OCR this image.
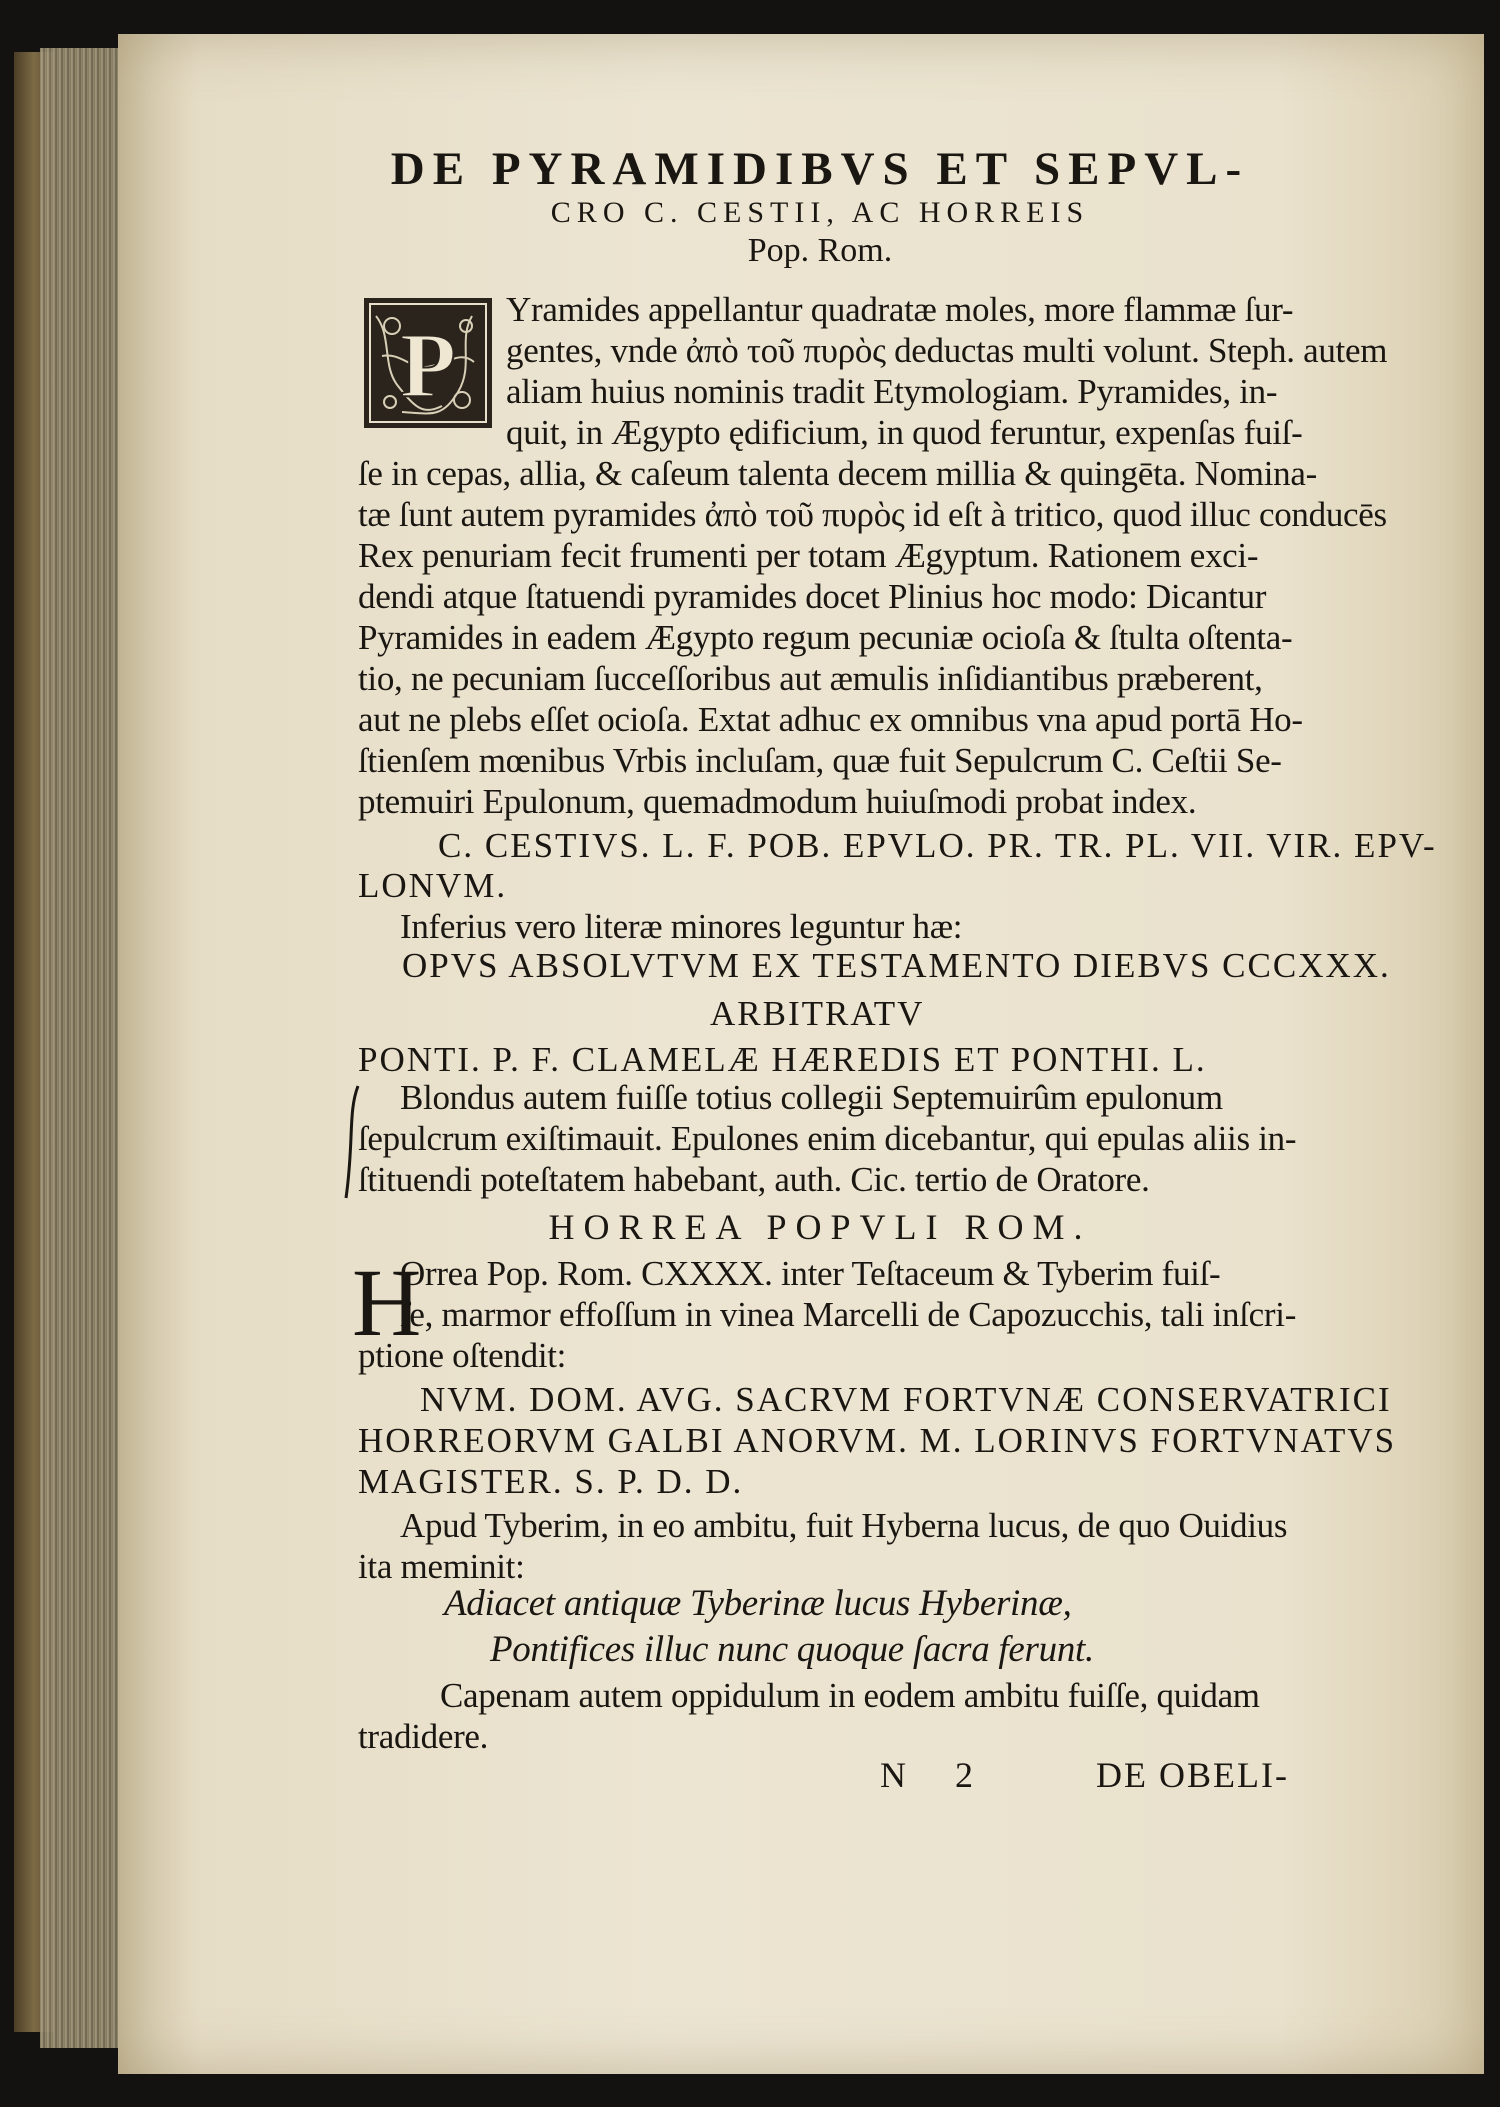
DE PYRAMIDIBVS ET SEPVL-
CRO C. CESTII, AC HORREIS
Pop. Rom.
P
Yramides appellantur quadratæ moles, more flammæ ſur-
gentes, vnde ἀπὸ τοῦ πυρὸς deductas multi volunt. Steph. autem
aliam huius nominis tradit Etymologiam. Pyramides, in-
quit, in Ægypto ędificium, in quod feruntur, expenſas fuiſ-
ſe in cepas, allia, & caſeum talenta decem millia & quingēta. Nomina-
tæ ſunt autem pyramides ἀπὸ τοῦ πυρὸς id eſt à tritico, quod illuc conducēs
Rex penuriam fecit frumenti per totam Ægyptum. Rationem exci-
dendi atque ſtatuendi pyramides docet Plinius hoc modo: Dicantur
Pyramides in eadem Ægypto regum pecuniæ ocioſa & ſtulta oſtenta-
tio, ne pecuniam ſucceſſoribus aut æmulis inſidiantibus præberent,
aut ne plebs eſſet ocioſa. Extat adhuc ex omnibus vna apud portā Ho-
ſtienſem mœnibus Vrbis incluſam, quæ fuit Sepulcrum C. Ceſtii Se-
ptemuiri Epulonum, quemadmodum huiuſmodi probat index.
C. CESTIVS. L. F. POB. EPVLO. PR. TR. PL. VII. VIR. EPV-
LONVM.
Inferius vero literæ minores leguntur hæ:
OPVS ABSOLVTVM EX TESTAMENTO DIEBVS CCCXXX.
ARBITRATV
PONTI. P. F. CLAMELÆ HÆREDIS ET PONTHI. L.
Blondus autem fuiſſe totius collegii Septemuirûm epulonum
ſepulcrum exiſtimauit. Epulones enim dicebantur, qui epulas aliis in-
ſtituendi poteſtatem habebant, auth. Cic. tertio de Oratore.
HORREA POPVLI ROM.
H
Orrea Pop. Rom. CXXXX. inter Teſtaceum & Tyberim fuiſ-
ſe, marmor effoſſum in vinea Marcelli de Capozucchis, tali inſcri-
ptione oſtendit:
NVM. DOM. AVG. SACRVM FORTVNÆ CONSERVATRICI
HORREORVM GALBI ANORVM. M. LORINVS FORTVNATVS
MAGISTER. S. P. D. D.
Apud Tyberim, in eo ambitu, fuit Hyberna lucus, de quo Ouidius
ita meminit:
Adiacet antiquæ Tyberinæ lucus Hyberinæ,
Pontifices illuc nunc quoque ſacra ferunt.
Capenam autem oppidulum in eodem ambitu fuiſſe, quidam
tradidere.
N 2	DE OBELI-
